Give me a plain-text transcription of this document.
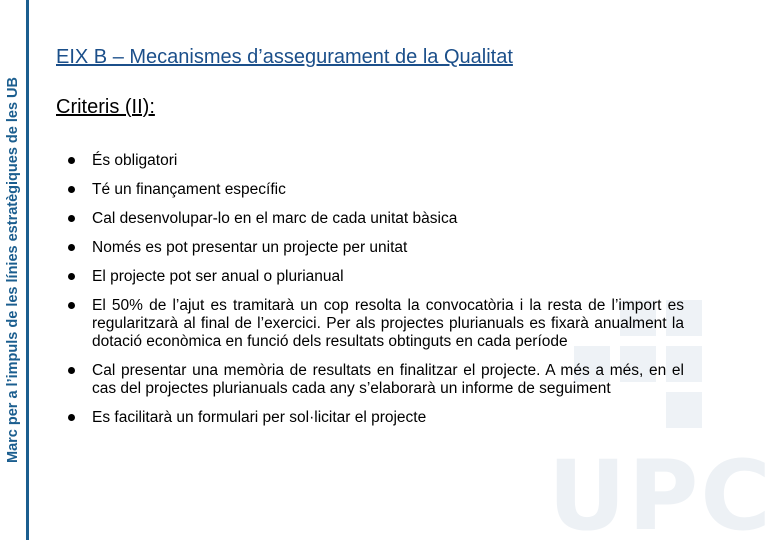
Marc per a l’impuls de les línies estratègiques de les UB
UPC
EIX B – Mecanismes d’assegurament de la Qualitat
Criteris (II):
És obligatori
Té un finançament específic
Cal desenvolupar-lo en el marc de cada unitat bàsica
Només es pot presentar un projecte per unitat
El projecte pot ser anual o plurianual
El 50% de l’ajut es tramitarà un cop resolta la convocatòria i la resta de l’import es regularitzarà al final de l’exercici. Per als projectes plurianuals es fixarà anualment la dotació econòmica en funció dels resultats obtinguts en cada període
Cal presentar una memòria de resultats en finalitzar el projecte. A més a més, en el cas del projectes plurianuals cada any s’elaborarà un informe de seguiment
Es facilitarà un formulari per sol·licitar el projecte
